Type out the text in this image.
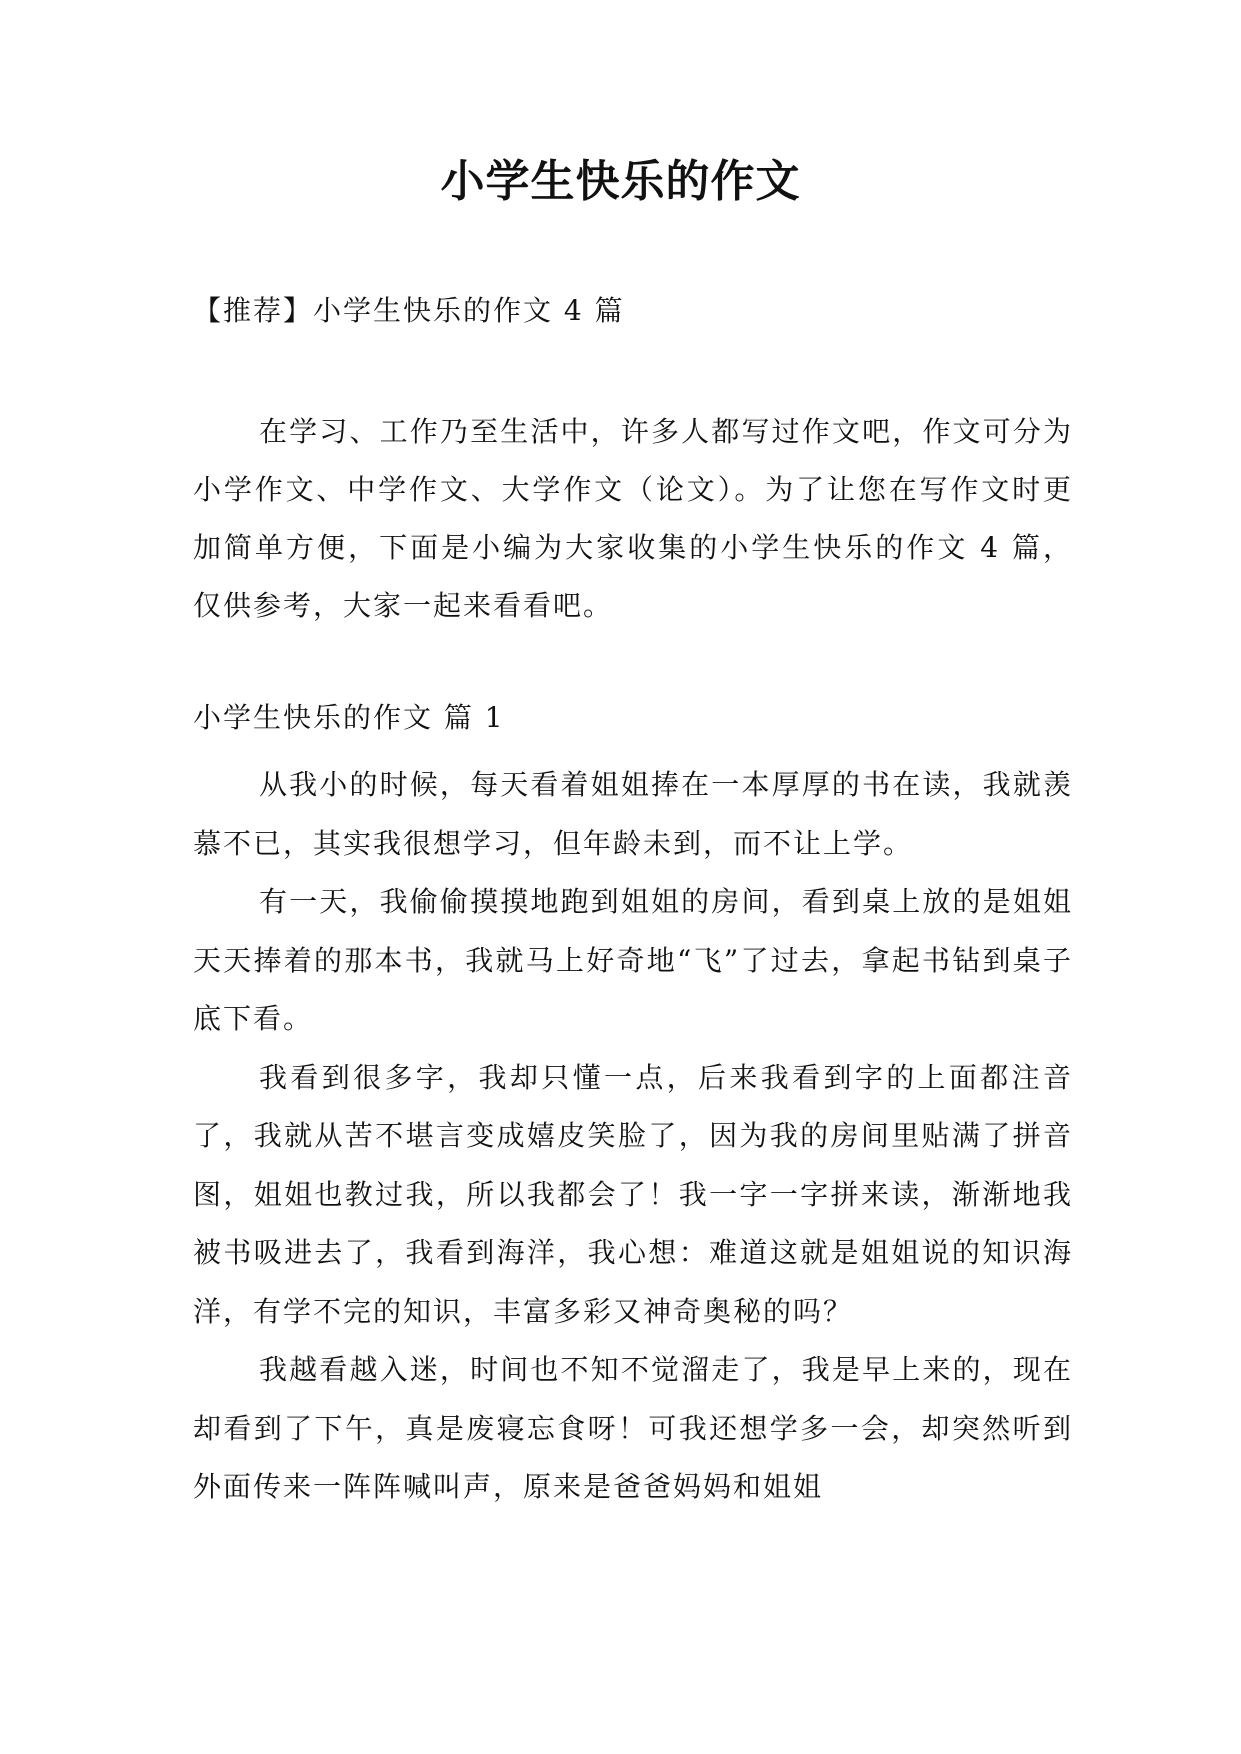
小学生快乐的作文

【推荐】小学生快乐的作文 4 篇

在学习、工作乃至生活中，许多人都写过作文吧，作文可分为小学作文、中学作文、大学作文（论文）。为了让您在写作文时更加简单方便，下面是小编为大家收集的小学生快乐的作文 4 篇，仅供参考，大家一起来看看吧。

小学生快乐的作文 篇 1

从我小的时候，每天看着姐姐捧在一本厚厚的书在读，我就羡慕不已，其实我很想学习，但年龄未到，而不让上学。

有一天，我偷偷摸摸地跑到姐姐的房间，看到桌上放的是姐姐天天捧着的那本书，我就马上好奇地“飞”了过去，拿起书钻到桌子底下看。

我看到很多字，我却只懂一点，后来我看到字的上面都注音了，我就从苦不堪言变成嬉皮笑脸了，因为我的房间里贴满了拼音图，姐姐也教过我，所以我都会了！我一字一字拼来读，渐渐地我被书吸进去了，我看到海洋，我心想：难道这就是姐姐说的知识海洋，有学不完的知识，丰富多彩又神奇奥秘的吗？

我越看越入迷，时间也不知不觉溜走了，我是早上来的，现在却看到了下午，真是废寝忘食呀！可我还想学多一会，却突然听到外面传来一阵阵喊叫声，原来是爸爸妈妈和姐姐
